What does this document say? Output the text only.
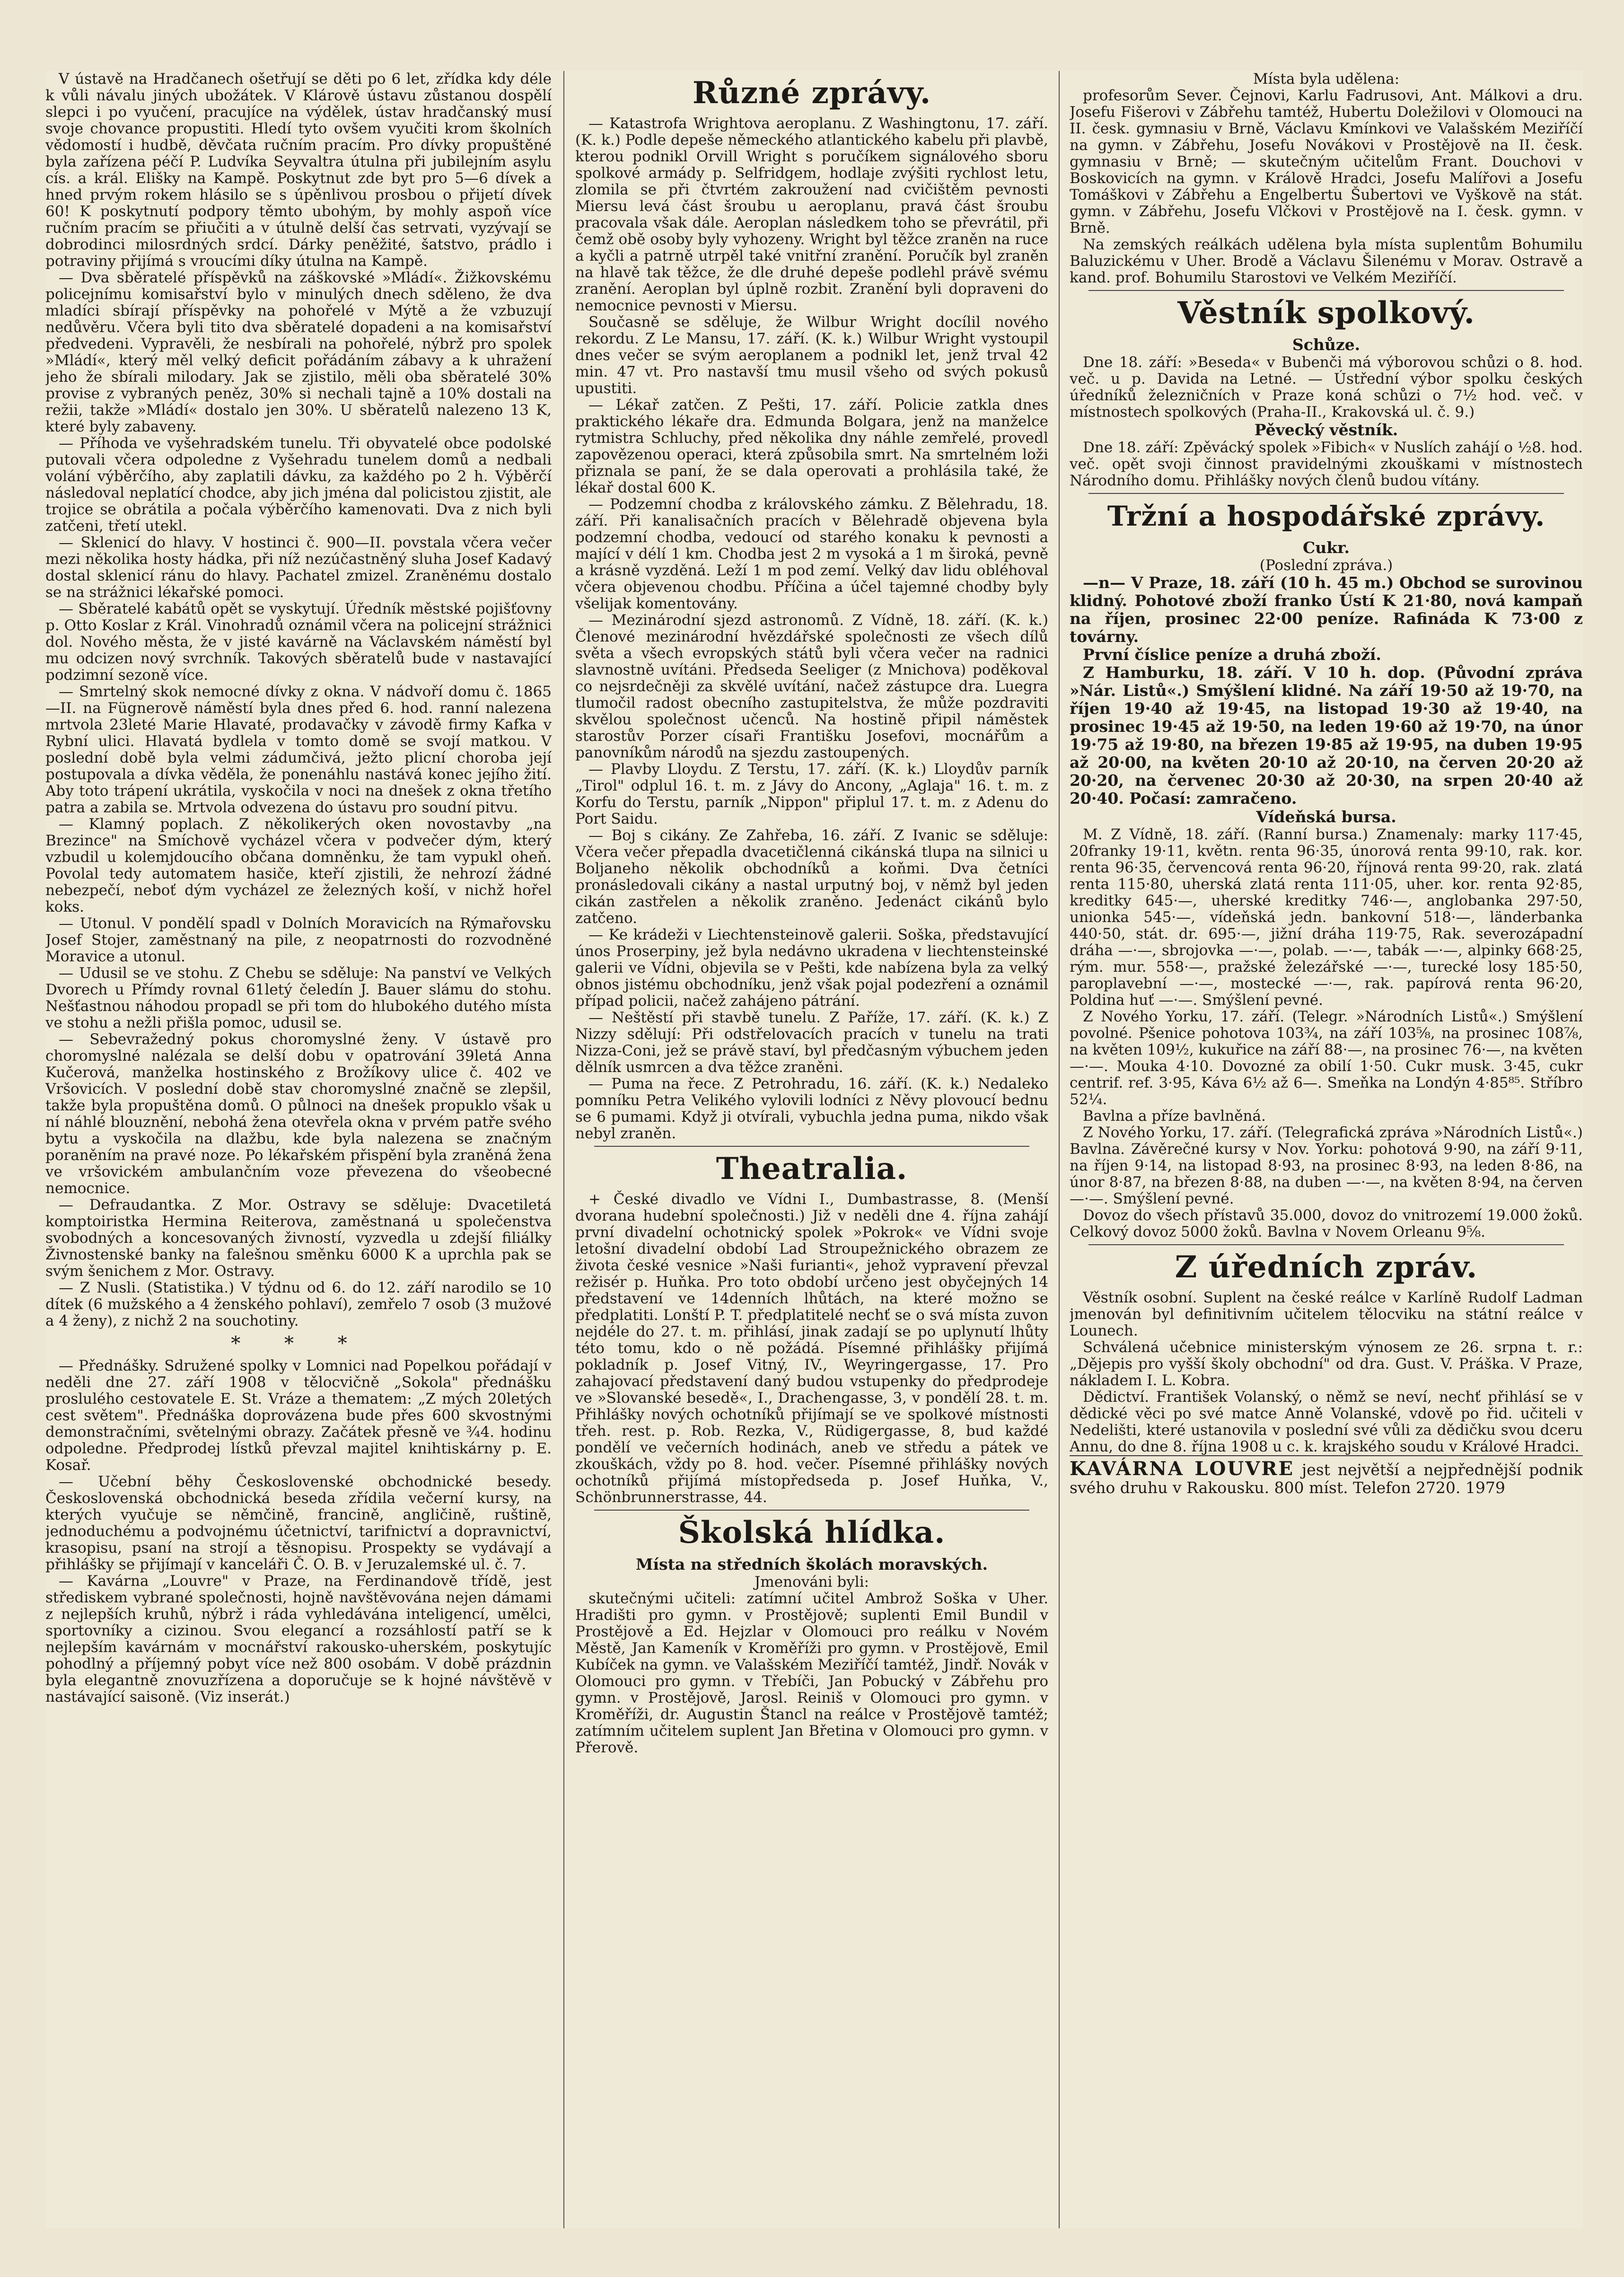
V ústavě na Hradčanech ošetřují se děti po 6 let, zřídka kdy déle k vůli návalu jiných ubožátek. V Klárově ústavu zůstanou dospělí slepci i po vyučení, pracujíce na výdělek, ústav hradčanský musí svoje chovance propustiti. Hledí tyto ovšem vyučiti krom školních vědomostí i hudbě, děvčata ručním pracím. Pro dívky propuštěné byla zařízena péčí P. Ludvíka Seyvaltra útulna při jubilejním asylu cís. a král. Elišky na Kampě. Poskytnut zde byt pro 5—6 dívek a hned prvým rokem hlásilo se s úpěnlivou prosbou o přijetí dívek 60! K poskytnutí podpory těmto ubohým, by mohly aspoň více ručním pracím se přiučiti a v útulně delší čas setrvati, vyzývají se dobrodinci milosrdných srdcí. Dárky peněžité, šatstvo, prádlo i potraviny přijímá s vroucími díky útulna na Kampě.

— Dva sběratelé příspěvků na záškovské »Mládí«. Žižkovskému policejnímu komisařství bylo v minulých dnech sděleno, že dva mladíci sbírají příspěvky na pohořelé v Mýtě a že vzbuzují nedůvěru. Včera byli tito dva sběratelé dopadeni a na komisařství předvedeni. Vypravěli, že nesbírali na pohořelé, nýbrž pro spolek »Mládí«, který měl velký deficit pořádáním zábavy a k uhražení jeho že sbírali milodary. Jak se zjistilo, měli oba sběratelé 30% provise z vybraných peněz, 30% si nechali tajně a 10% dostali na režii, takže »Mládí« dostalo jen 30%. U sběratelů nalezeno 13 K, které byly zabaveny.

— Příhoda ve vyšehradském tunelu. Tři obyvatelé obce podolské putovali včera odpoledne z Vyšehradu tunelem domů a nedbali volání výběrčího, aby zaplatili dávku, za každého po 2 h. Výběrčí následoval neplatící chodce, aby jich jména dal policistou zjistit, ale trojice se obrátila a počala výběrčího kamenovati. Dva z nich byli zatčeni, třetí utekl.

— Sklenicí do hlavy. V hostinci č. 900—II. povstala včera večer mezi několika hosty hádka, při níž nezúčastněný sluha Josef Kadavý dostal sklenicí ránu do hlavy. Pachatel zmizel. Zraněnému dostalo se na strážnici lékařské pomoci.

— Sběratelé kabátů opět se vyskytují. Úředník městské pojišťovny p. Otto Koslar z Král. Vinohradů oznámil včera na policejní strážnici dol. Nového města, že v jisté kavárně na Václavském náměstí byl mu odcizen nový svrchník. Takových sběratelů bude v nastavající podzimní sezoně více.

— Smrtelný skok nemocné dívky z okna. V nádvoří domu č. 1865—II. na Fügnerově náměstí byla dnes před 6. hod. ranní nalezena mrtvola 23leté Marie Hlavaté, prodavačky v závodě firmy Kafka v Rybní ulici. Hlavatá bydlela v tomto domě se svojí matkou. V poslední době byla velmi zádumčivá, ježto plicní choroba její postupovala a dívka věděla, že ponenáhlu nastává konec jejího žití. Aby toto trápení ukrátila, vyskočila v noci na dnešek z okna třetího patra a zabila se. Mrtvola odvezena do ústavu pro soudní pitvu.

— Klamný poplach. Z několikerých oken novostavby „na Brezince" na Smíchově vycházel včera v podvečer dým, který vzbudil u kolemjdoucího občana domněnku, že tam vypukl oheň. Povolal tedy automatem hasiče, kteří zjistili, že nehrozí žádné nebezpečí, neboť dým vycházel ze železných koší, v nichž hořel koks.

— Utonul. V pondělí spadl v Dolních Moravicích na Rýmařovsku Josef Stojer, zaměstnaný na pile, z neopatrnosti do rozvodněné Moravice a utonul.

— Udusil se ve stohu. Z Chebu se sděluje: Na panství ve Velkých Dvorech u Přímdy rovnal 61letý čeledín J. Bauer slámu do stohu. Nešťastnou náhodou propadl se při tom do hlubokého dutého místa ve stohu a nežli přišla pomoc, udusil se.

— Sebevražedný pokus choromyslné ženy. V ústavě pro choromyslné nalézala se delší dobu v opatrování 39letá Anna Kučerová, manželka hostinského z Brožíkovy ulice č. 402 ve Vršovicích. V poslední době stav choromyslné značně se zlepšil, takže byla propuštěna domů. O půlnoci na dnešek propuklo však u ní náhlé blouznění, nebohá žena otevřela okna v prvém patře svého bytu a vyskočila na dlažbu, kde byla nalezena se značným poraněním na pravé noze. Po lékařském přispění byla zraněná žena ve vršovickém ambulančním voze převezena do všeobecné nemocnice.

— Defraudantka. Z Mor. Ostravy se sděluje: Dvacetiletá komptoiristka Hermina Reiterova, zaměstnaná u společenstva svobodných a koncesovaných živností, vyzvedla u zdejší filiálky Živnostenské banky na falešnou směnku 6000 K a uprchla pak se svým šenichem z Mor. Ostravy.

— Z Nusli. (Statistika.) V týdnu od 6. do 12. září narodilo se 10 dítek (6 mužského a 4 ženského pohlaví), zemřelo 7 osob (3 mužové a 4 ženy), z nichž 2 na souchotiny.

* * *

— Přednášky. Sdružené spolky v Lomnici nad Popelkou pořádají v neděli dne 27. září 1908 v tělocvičně „Sokola" přednášku proslulého cestovatele E. St. Vráze a thematem: „Z mých 20letých cest světem". Přednáška doprovázena bude přes 600 skvostnými demonstračními, světelnými obrazy. Začátek přesně ve ¾4. hodinu odpoledne. Předprodej lístků převzal majitel knihtiskárny p. E. Kosař.

— Učební běhy Československé obchodnické besedy. Československá obchodnická beseda zřídila večerní kursy, na kterých vyučuje se němčině, francině, angličině, ruštině, jednoduchému a podvojnému účetnictví, tarifnictví a dopravnictví, krasopisu, psaní na strojí a těsnopisu. Prospekty se vydávají a přihlášky se přijímají v kanceláři Č. O. B. v Jeruzalemské ul. č. 7.

— Kavárna „Louvre" v Praze, na Ferdinandově třídě, jest střediskem vybrané společnosti, hojně navštěvována nejen dámami z nejlepších kruhů, nýbrž i ráda vyhledávána inteligencí, umělci, sportovníky a cizinou. Svou elegancí a rozsáhlostí patří se k nejlepším kavárnám v mocnářství rakousko-uherském, poskytujíc pohodlný a příjemný pobyt více než 800 osobám. V době prázdnin byla elegantně znovuzřízena a doporučuje se k hojné návštěvě v nastávající saisoně. (Viz inserát.)

Různé zprávy.

— Katastrofa Wrightova aeroplanu. Z Washingtonu, 17. září. (K. k.) Podle depeše německého atlantického kabelu při plavbě, kterou podnikl Orvill Wright s poručíkem signálového sboru spolkové armády p. Selfridgem, hodlaje zvýšiti rychlost letu, zlomila se při čtvrtém zakroužení nad cvičištěm pevnosti Miersu levá část šroubu u aeroplanu, pravá část šroubu pracovala však dále. Aeroplan následkem toho se převrátil, při čemž obě osoby byly vyhozeny. Wright byl těžce zraněn na ruce a kyčli a patrně utrpěl také vnitřní zranění. Poručík byl zraněn na hlavě tak těžce, že dle druhé depeše podlehl právě svému zranění. Aeroplan byl úplně rozbit. Zranění byli dopraveni do nemocnice pevnosti v Miersu.

Současně se sděluje, že Wilbur Wright docílil nového rekordu. Z Le Mansu, 17. září. (K. k.) Wilbur Wright vystoupil dnes večer se svým aeroplanem a podnikl let, jenž trval 42 min. 47 vt. Pro nastavší tmu musil všeho od svých pokusů upustiti.

— Lékař zatčen. Z Pešti, 17. září. Policie zatkla dnes praktického lékaře dra. Edmunda Bolgara, jenž na manželce rytmistra Schluchy, před několika dny náhle zemřelé, provedl zapovězenou operaci, která způsobila smrt. Na smrtelném loži přiznala se paní, že se dala operovati a prohlásila také, že lékař dostal 600 K.

— Podzemní chodba z královského zámku. Z Bělehradu, 18. září. Při kanalisačních pracích v Bělehradě objevena byla podzemní chodba, vedoucí od starého konaku k pevnosti a mající v délí 1 km. Chodba jest 2 m vysoká a 1 m široká, pevně a krásně vyzděná. Leží 1 m pod zemí. Velký dav lidu obléhoval včera objevenou chodbu. Příčina a účel tajemné chodby byly všelijak komentovány.

— Mezinárodní sjezd astronomů. Z Vídně, 18. září. (K. k.) Členové mezinárodní hvězdářské společnosti ze všech dílů světa a všech evropských států byli včera večer na radnici slavnostně uvítáni. Předseda Seeliger (z Mnichova) poděkoval co nejsrdečněji za skvělé uvítání, načež zástupce dra. Luegra tlumočil radost obecního zastupitelstva, že může pozdraviti skvělou společnost učenců. Na hostině připil náměstek starostův Porzer císaři Františku Josefovi, mocnářům a panovníkům národů na sjezdu zastoupených.

— Plavby Lloydu. Z Terstu, 17. září. (K. k.) Lloydův parník „Tirol" odplul 16. t. m. z Jávy do Ancony, „Aglaja" 16. t. m. z Korfu do Terstu, parník „Nippon" připlul 17. t. m. z Adenu do Port Saidu.

— Boj s cikány. Ze Zahřeba, 16. září. Z Ivanic se sděluje: Včera večer přepadla dvacetičlenná cikánská tlupa na silnici u Boljaneho několik obchodníků a koňmi. Dva četníci pronásledovali cikány a nastal urputný boj, v němž byl jeden cikán zastřelen a několik zraněno. Jedenáct cikánů bylo zatčeno.

— Ke krádeži v Liechtensteinově galerii. Soška, představující únos Proserpiny, jež byla nedávno ukradena v liechtensteinské galerii ve Vídni, objevila se v Pešti, kde nabízena byla za velký obnos jistému obchodníku, jenž však pojal podezření a oznámil případ policii, načež zahájeno pátrání.

— Neštěstí při stavbě tunelu. Z Paříže, 17. září. (K. k.) Z Nizzy sdělují: Při odstřelovacích pracích v tunelu na trati Nizza-Coni, jež se právě staví, byl předčasným výbuchem jeden dělník usmrcen a dva těžce zraněni.

— Puma na řece. Z Petrohradu, 16. září. (K. k.) Nedaleko pomníku Petra Velikého vylovili lodníci z Něvy plovoucí bednu se 6 pumami. Když ji otvírali, vybuchla jedna puma, nikdo však nebyl zraněn.

Theatralia.

+ České divadlo ve Vídni I., Dumbastrasse, 8. (Menší dvorana hudební společnosti.) Již v neděli dne 4. října zahájí první divadelní ochotnický spolek »Pokrok« ve Vídni svoje letošní divadelní období Lad Stroupežnického obrazem ze života české vesnice »Naši furianti«, jehož vypravení převzal režisér p. Huňka. Pro toto období určeno jest obyčejných 14 představení ve 14denních lhůtách, na které možno se předplatiti. Lonští P. T. předplatitelé nechť se o svá místa zuvon nejdéle do 27. t. m. přihlásí, jinak zadají se po uplynutí lhůty této tomu, kdo o ně požádá. Písemné přihlášky přijímá pokladník p. Josef Vitný, IV., Weyringergasse, 17. Pro zahajovací představení daný budou vstupenky do předprodeje ve »Slovanské besedě«, I., Drachengasse, 3, v pondělí 28. t. m. Přihlášky nových ochotníků přijímají se ve spolkové místnosti třeh. rest. p. Rob. Rezka, V., Rüdigergasse, 8, bud každé pondělí ve večerních hodinách, aneb ve středu a pátek ve zkouškách, vždy po 8. hod. večer. Písemné přihlášky nových ochotníků přijímá místopředseda p. Josef Huňka, V., Schönbrunnerstrasse, 44.

Školská hlídka.
Místa na středních školách moravských.
Jmenováni byli:

skutečnými učiteli: zatímní učitel Ambrož Soška v Uher. Hradišti pro gymn. v Prostějově; suplenti Emil Bundil v Prostějově a Ed. Hejzlar v Olomouci pro reálku v Novém Městě, Jan Kameník v Kroměříži pro gymn. v Prostějově, Emil Kubíček na gymn. ve Valašském Meziříčí tamtéž, Jindř. Novák v Olomouci pro gymn. v Třebíči, Jan Pobucký v Zábřehu pro gymn. v Prostějově, Jarosl. Reiniš v Olomouci pro gymn. v Kroměříži, dr. Augustin Štancl na reálce v Prostějově tamtéž; zatímním učitelem suplent Jan Břetina v Olomouci pro gymn. v Přerově.

Místa byla udělena:

profesorům Sever. Čejnovi, Karlu Fadrusovi, Ant. Málkovi a dru. Josefu Fišerovi v Zábřehu tamtéž, Hubertu Doležilovi v Olomouci na II. česk. gymnasiu v Brně, Václavu Kmínkovi ve Valašském Meziříčí na gymn. v Zábřehu, Josefu Novákovi v Prostějově na II. česk. gymnasiu v Brně; — skutečným učitelům Frant. Douchovi v Boskovicích na gymn. v Králově Hradci, Josefu Malířovi a Josefu Tomáškovi v Zábřehu a Engelbertu Šubertovi ve Vyškově na stát. gymn. v Zábřehu, Josefu Vlčkovi v Prostějově na I. česk. gymn. v Brně.

Na zemských reálkách udělena byla místa suplentům Bohumilu Baluzickému v Uher. Brodě a Václavu Šilenému v Morav. Ostravě a kand. prof. Bohumilu Starostovi ve Velkém Meziříčí.

Věstník spolkový.
Schůze.

Dne 18. září: »Beseda« v Bubenči má výborovou schůzi o 8. hod. več. u p. Davida na Letné. — Ústřední výbor spolku českých úředníků železničních v Praze koná schůzi o 7½ hod. več. v místnostech spolkových (Praha-II., Krakovská ul. č. 9.)

Pěvecký věstník.

Dne 18. září: Zpěvácký spolek »Fibich« v Nuslích zahájí o ½8. hod. več. opět svoji činnost pravidelnými zkouškami v místnostech Národního domu. Přihlášky nových členů budou vítány.

Tržní a hospodářské zprávy.
Cukr.
(Poslední zpráva.)

—n— V Praze, 18. září (10 h. 45 m.) Obchod se surovinou klidný. Pohotové zboží franko Ústí K 21·80, nová kampaň na říjen, prosinec 22·00 peníze. Rafináda K 73·00 z továrny.

První číslice peníze a druhá zboží.

Z Hamburku, 18. září. V 10 h. dop. (Původní zpráva »Nár. Listů«.) Smýšlení klidné. Na září 19·50 až 19·70, na říjen 19·40 až 19·45, na listopad 19·30 až 19·40, na prosinec 19·45 až 19·50, na leden 19·60 až 19·70, na únor 19·75 až 19·80, na březen 19·85 až 19·95, na duben 19·95 až 20·00, na květen 20·10 až 20·10, na červen 20·20 až 20·20, na červenec 20·30 až 20·30, na srpen 20·40 až 20·40. Počasí: zamračeno.

Vídeňská bursa.

M. Z Vídně, 18. září. (Ranní bursa.) Znamenaly: marky 117·45, 20franky 19·11, květn. renta 96·35, únorová renta 99·10, rak. kor. renta 96·35, červencová renta 96·20, říjnová renta 99·20, rak. zlatá renta 115·80, uherská zlatá renta 111·05, uher. kor. renta 92·85, kreditky 645·—, uherské kreditky 746·—, anglobanka 297·50, unionka 545·—, vídeňská jedn. bankovní 518·—, länderbanka 440·50, stát. dr. 695·—, jižní dráha 119·75, Rak. severozápadní dráha —·—, sbrojovka —·—, polab. —·—, tabák —·—, alpinky 668·25, rým. mur. 558·—, pražské železářské —·—, turecké losy 185·50, paroplavební —·—, mostecké —·—, rak. papírová renta 96·20, Poldina huť —·—. Smýšlení pevné.

Z Nového Yorku, 17. září. (Telegr. »Národních Listů«.) Smýšlení povolné. Pšenice pohotova 103¾, na září 103⅝, na prosinec 108⅞, na květen 109½, kukuřice na září 88·—, na prosinec 76·—, na květen —·—. Mouka 4·10. Dovozné za obilí 1·50. Cukr musk. 3·45, cukr centrif. ref. 3·95, Káva 6½ až 6—. Smeňka na Londýn 4·85⁸⁵. Stříbro 52¼.

Bavlna a příze bavlněná.

Z Nového Yorku, 17. září. (Telegrafická zpráva »Národních Listů«.) Bavlna. Závěrečné kursy v Nov. Yorku: pohotová 9·90, na září 9·11, na říjen 9·14, na listopad 8·93, na prosinec 8·93, na leden 8·86, na únor 8·87, na březen 8·88, na duben —·—, na květen 8·94, na červen —·—. Smýšlení pevné.

Dovoz do všech přístavů 35.000, dovoz do vnitrozemí 19.000 žoků. Celkový dovoz 5000 žoků. Bavlna v Novem Orleanu 9⅝.

Z úředních zpráv.

Věstník osobní. Suplent na české reálce v Karlíně Rudolf Ladman jmenován byl definitivním učitelem tělocviku na státní reálce v Lounech.

Schválená učebnice ministerským výnosem ze 26. srpna t. r.: „Dějepis pro vyšší školy obchodní" od dra. Gust. V. Práška. V Praze, nákladem I. L. Kobra.

Dědictví. František Volanský, o němž se neví, nechť přihlásí se v dědické věci po své matce Anně Volanské, vdově po řid. učiteli v Nedelišti, které ustanovila v poslední své vůli za dědičku svou dceru Annu, do dne 8. října 1908 u c. k. krajského soudu v Králové Hradci.

KAVÁRNA LOUVRE jest největší a nejpřednější podnik svého druhu v Rakousku. 800 míst. Telefon 2720. 1979
